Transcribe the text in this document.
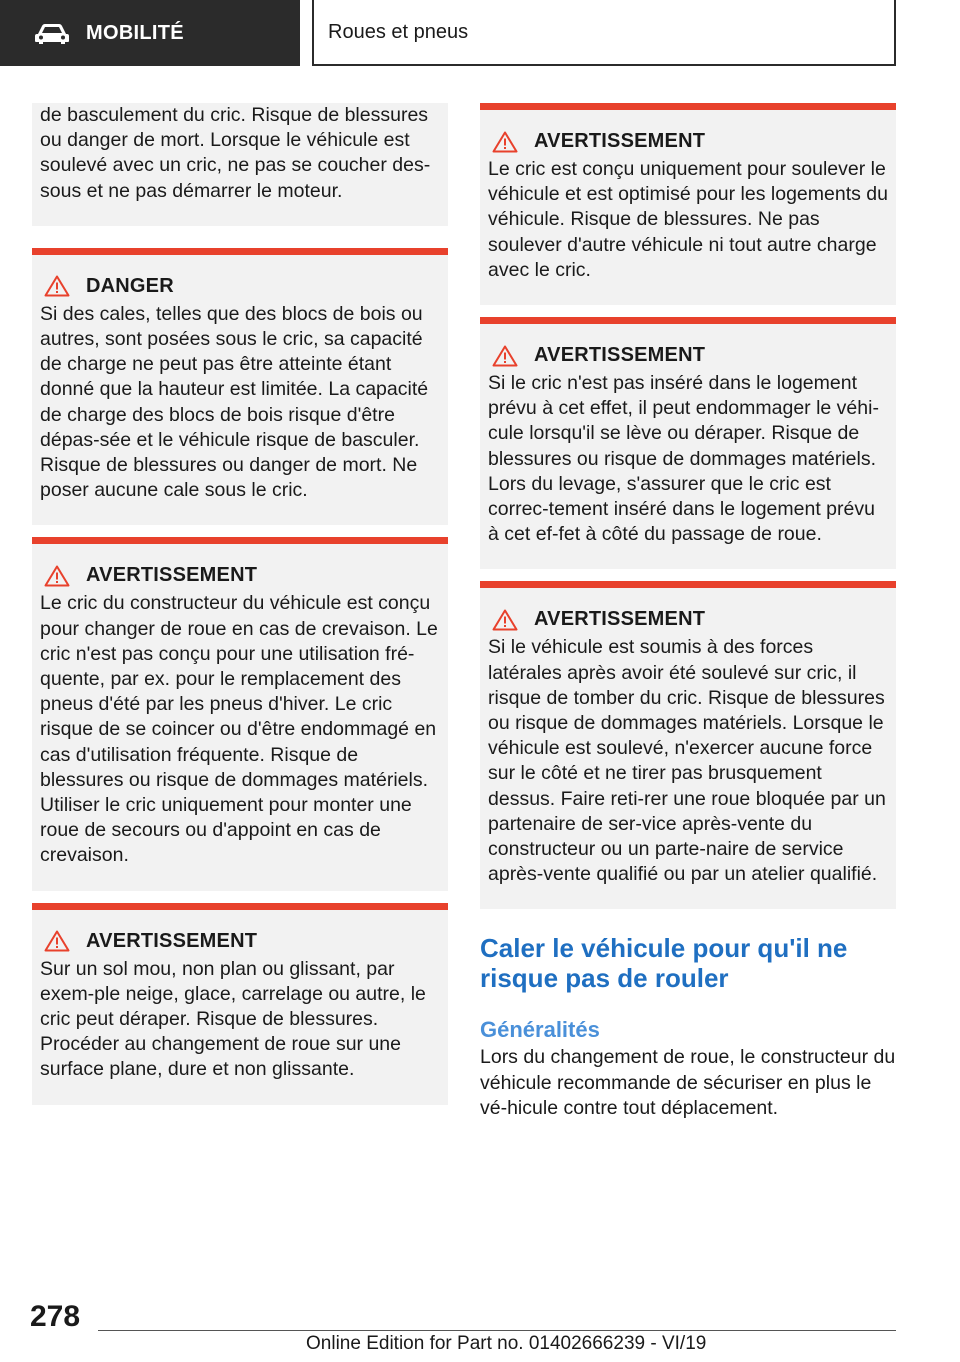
MOBILITÉ	Roues et pneus

de basculement du cric. Risque de blessures ou danger de mort. Lorsque le véhicule est soulevé avec un cric, ne pas se coucher des-sous et ne pas démarrer le moteur.

DANGER

Si des cales, telles que des blocs de bois ou autres, sont posées sous le cric, sa capacité de charge ne peut pas être atteinte étant donné que la hauteur est limitée. La capacité de charge des blocs de bois risque d'être dépas-sée et le véhicule risque de basculer. Risque de blessures ou danger de mort. Ne poser aucune cale sous le cric.

AVERTISSEMENT

Le cric du constructeur du véhicule est conçu pour changer de roue en cas de crevaison. Le cric n'est pas conçu pour une utilisation fré-quente, par ex. pour le remplacement des pneus d'été par les pneus d'hiver. Le cric risque de se coincer ou d'être endommagé en cas d'utilisation fréquente. Risque de blessures ou risque de dommages matériels. Utiliser le cric uniquement pour monter une roue de secours ou d'appoint en cas de crevaison.

AVERTISSEMENT

Sur un sol mou, non plan ou glissant, par exem-ple neige, glace, carrelage ou autre, le cric peut déraper. Risque de blessures. Procéder au changement de roue sur une surface plane, dure et non glissante.

AVERTISSEMENT

Le cric est conçu uniquement pour soulever le véhicule et est optimisé pour les logements du véhicule. Risque de blessures. Ne pas soulever d'autre véhicule ni tout autre charge avec le cric.

AVERTISSEMENT

Si le cric n'est pas inséré dans le logement prévu à cet effet, il peut endommager le véhi-cule lorsqu'il se lève ou déraper. Risque de blessures ou risque de dommages matériels. Lors du levage, s'assurer que le cric est correc-tement inséré dans le logement prévu à cet ef-fet à côté du passage de roue.

AVERTISSEMENT

Si le véhicule est soumis à des forces latérales après avoir été soulevé sur cric, il risque de tomber du cric. Risque de blessures ou risque de dommages matériels. Lorsque le véhicule est soulevé, n'exercer aucune force sur le côté et ne tirer pas brusquement dessus. Faire reti-rer une roue bloquée par un partenaire de ser-vice après-vente du constructeur ou un parte-naire de service après-vente qualifié ou par un atelier qualifié.

Caler le véhicule pour qu'il ne risque pas de rouler
Généralités

Lors du changement de roue, le constructeur du véhicule recommande de sécuriser en plus le vé-hicule contre tout déplacement.

278
Online Edition for Part no. 01402666239 - VI/19
